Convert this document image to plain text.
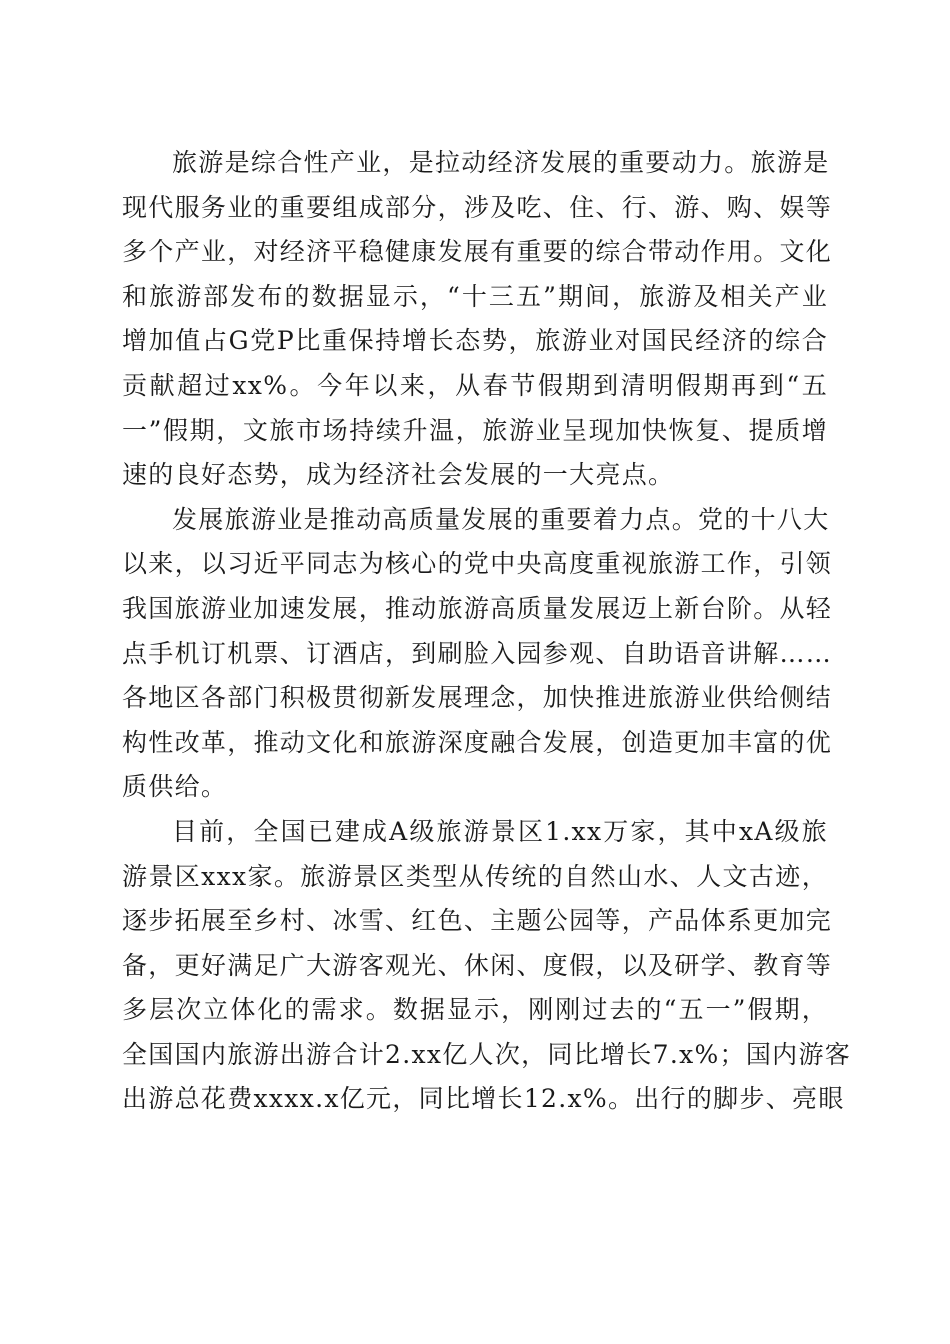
旅游是综合性产业，是拉动经济发展的重要动力。旅游是
现代服务业的重要组成部分，涉及吃、住、行、游、购、娱等
多个产业，对经济平稳健康发展有重要的综合带动作用。文化
和旅游部发布的数据显示，“十三五”期间，旅游及相关产业
增加值占G党P比重保持增长态势，旅游业对国民经济的综合
贡献超过xx%。今年以来，从春节假期到清明假期再到“五
一”假期，文旅市场持续升温，旅游业呈现加快恢复、提质增
速的良好态势，成为经济社会发展的一大亮点。
发展旅游业是推动高质量发展的重要着力点。党的十八大
以来，以习近平同志为核心的党中央高度重视旅游工作，引领
我国旅游业加速发展，推动旅游高质量发展迈上新台阶。从轻
点手机订机票、订酒店，到刷脸入园参观、自助语音讲解……
各地区各部门积极贯彻新发展理念，加快推进旅游业供给侧结
构性改革，推动文化和旅游深度融合发展，创造更加丰富的优
质供给。
目前，全国已建成A级旅游景区1.xx万家，其中xA级旅
游景区xxx家。旅游景区类型从传统的自然山水、人文古迹，
逐步拓展至乡村、冰雪、红色、主题公园等，产品体系更加完
备，更好满足广大游客观光、休闲、度假，以及研学、教育等
多层次立体化的需求。数据显示，刚刚过去的“五一”假期，
全国国内旅游出游合计2.xx亿人次，同比增长7.x%；国内游客
出游总花费xxxx.x亿元，同比增长12.x%。出行的脚步、亮眼
